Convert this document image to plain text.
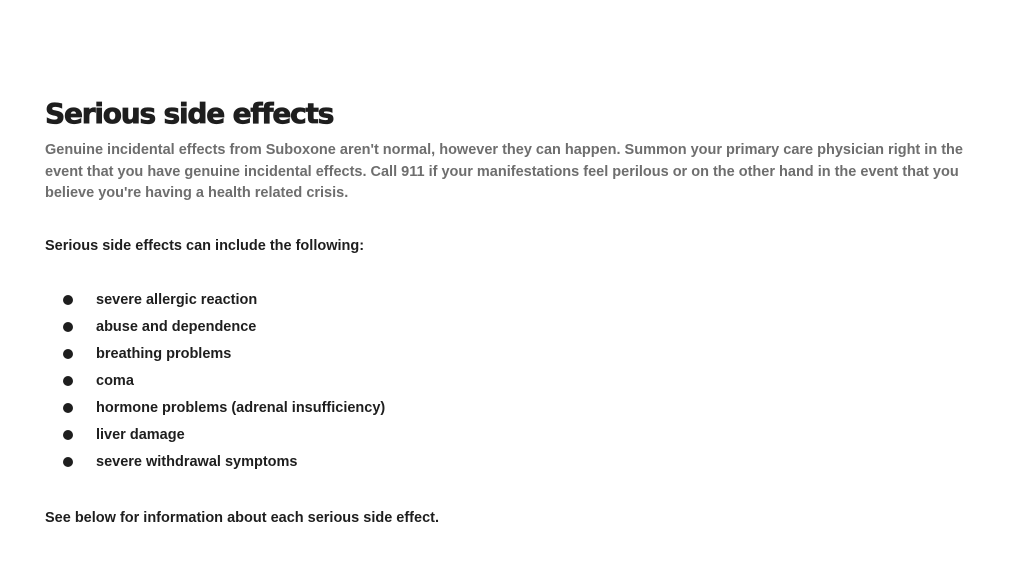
Serious side effects

Genuine incidental effects from Suboxone aren't normal, however they can happen. Summon your primary care physician right in the event that you have genuine incidental effects. Call 911 if your manifestations feel perilous or on the other hand in the event that you believe you're having a health related crisis.

Serious side effects can include the following:

severe allergic reaction
abuse and dependence
breathing problems
coma
hormone problems (adrenal insufficiency)
liver damage
severe withdrawal symptoms

See below for information about each serious side effect.
